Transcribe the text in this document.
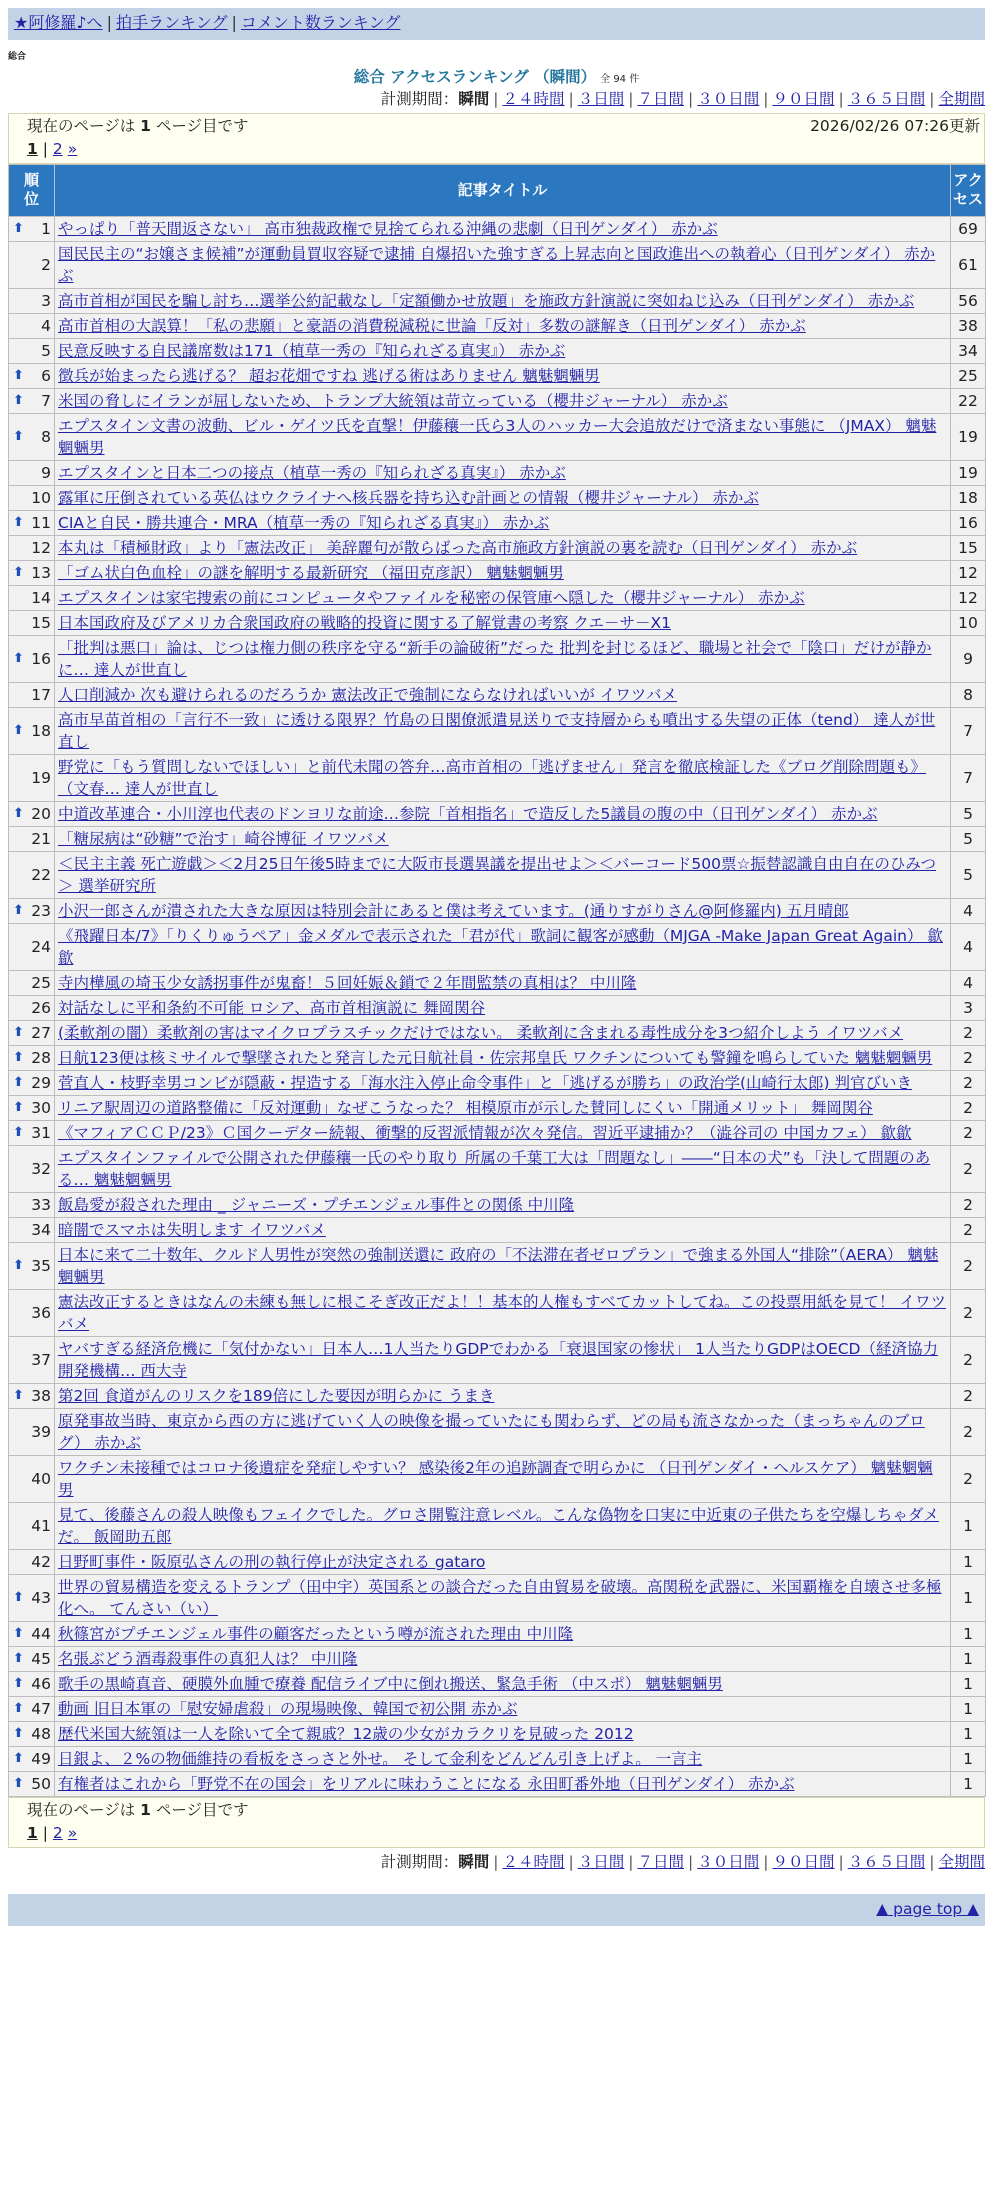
★阿修羅♪へ | 拍手ランキング | コメント数ランキング
総合
総合 アクセスランキング （瞬間） 全 94 件
計測期間：瞬間 | ２４時間 | ３日間 | ７日間 | ３０日間 | ９０日間 | ３６５日間 | 全期間
現在のページは 1 ページ目です	2026/02/26 07:26更新
1 | 2 »
順位	記事タイトル	アクセス

⬆ 1	やっぱり「普天間返さない」 高市独裁政権で見捨てられる沖縄の悲劇（日刊ゲンダイ） 赤かぶ	69
2	国民民主の“お嬢さま候補”が運動員買収容疑で逮捕 自爆招いた強すぎる上昇志向と国政進出への執着心（日刊ゲンダイ） 赤かぶ	61
3	高市首相が国民を騙し討ち…選挙公約記載なし「定額働かせ放題」を施政方針演説に突如ねじ込み（日刊ゲンダイ） 赤かぶ	56
4	高市首相の大誤算！「私の悲願」と豪語の消費税減税に世論「反対」多数の謎解き（日刊ゲンダイ） 赤かぶ	38
5	民意反映する自民議席数は171（植草一秀の『知られざる真実』） 赤かぶ	34

⬆ 6	徴兵が始まったら逃げる？ 超お花畑ですね 逃げる術はありません 魑魅魍魎男	25

⬆ 7	米国の脅しにイランが屈しないため、トランプ大統領は苛立っている（櫻井ジャーナル） 赤かぶ	22

⬆ 8	エプスタイン文書の波動、ビル・ゲイツ氏を直撃！伊藤穰一氏ら3人のハッカー大会追放だけで済まない事態に （JMAX） 魑魅魍魎男	19
9	エプスタインと日本二つの接点（植草一秀の『知られざる真実』） 赤かぶ	19
10	露軍に圧倒されている英仏はウクライナへ核兵器を持ち込む計画との情報（櫻井ジャーナル） 赤かぶ	18

⬆ 11	CIAと自民・勝共連合・MRA（植草一秀の『知られざる真実』） 赤かぶ	16
12	本丸は「積極財政」より「憲法改正」 美辞麗句が散らばった高市施政方針演説の裏を読む（日刊ゲンダイ） 赤かぶ	15

⬆ 13	「ゴム状白色血栓」の謎を解明する最新研究 （福田克彦訳） 魑魅魍魎男	12
14	エプスタインは家宅捜索の前にコンピュータやファイルを秘密の保管庫へ隠した（櫻井ジャーナル） 赤かぶ	12
15	日本国政府及びアメリカ合衆国政府の戦略的投資に関する了解覚書の考察 クエ－サ－X1	10

⬆ 16	「批判は悪口」論は、じつは権力側の秩序を守る“新手の論破術”だった 批判を封じるほど、職場と社会で「陰口」だけが静かに… 達人が世直し	9
17	人口削減か 次も避けられるのだろうか 憲法改正で強制にならなければいいが イワツバメ	8

⬆ 18	高市早苗首相の「言行不一致」に透ける限界？竹島の日閣僚派遣見送りで支持層からも噴出する失望の正体（tend） 達人が世直し	7
19	野党に「もう質問しないでほしい」と前代未聞の答弁…高市首相の「逃げません」発言を徹底検証した《ブログ削除問題も》（文春… 達人が世直し	7

⬆ 20	中道改革連合・小川淳也代表のドンヨリな前途…参院「首相指名」で造反した5議員の腹の中（日刊ゲンダイ） 赤かぶ	5
21	「糖尿病は“砂糖”で治す」崎谷博征 イワツバメ	5
22	＜民主主義 死亡遊戯＞＜2月25日午後5時までに大阪市長選異議を提出せよ＞＜バーコード500票☆振替認識自由自在のひみつ＞ 選挙研究所	5

⬆ 23	小沢一郎さんが潰された大きな原因は特別会計にあると僕は考えています。(通りすがりさん@阿修羅内) 五月晴郎	4
24	《飛躍日本/7》「りくりゅうペア」金メダルで表示された「君が代」歌詞に観客が感動（MJGA -Make Japan Great Again） 歙歙	4
25	寺内樺風の埼玉少女誘拐事件が鬼畜！５回妊娠＆鎖で２年間監禁の真相は？ 中川隆	4
26	対話なしに平和条約不可能 ロシア、高市首相演説に 舞岡関谷	3

⬆ 27	(柔軟剤の闇）柔軟剤の害はマイクロプラスチックだけではない。 柔軟剤に含まれる毒性成分を3つ紹介しよう イワツバメ	2

⬆ 28	日航123便は核ミサイルで撃墜されたと発言した元日航社員・佐宗邦皇氏 ワクチンについても警鐘を鳴らしていた 魑魅魍魎男	2

⬆ 29	菅直人・枝野幸男コンビが隠蔽・捏造する「海水注入停止命令事件」と「逃げるが勝ち」の政治学(山崎行太郎) 判官びいき	2

⬆ 30	リニア駅周辺の道路整備に「反対運動」なぜこうなった？ 相模原市が示した賛同しにくい「開通メリット」 舞岡関谷	2

⬆ 31	《マフィアＣＣＰ/23》Ｃ国クーデター続報、衝撃的反習派情報が次々発信。習近平逮捕か？（澁谷司の 中国カフェ） 歙歙	2
32	エプスタインファイルで公開された伊藤穰一氏のやり取り 所属の千葉工大は「問題なし」――“日本の犬”も「決して問題のある… 魑魅魍魎男	2
33	飯島愛が殺された理由 _ ジャニーズ・プチエンジェル事件との関係 中川隆	2
34	暗闇でスマホは失明します イワツバメ	2

⬆ 35	日本に来て二十数年、クルド人男性が突然の強制送還に 政府の「不法滞在者ゼロプラン」で強まる外国人“排除”（AERA） 魑魅魍魎男	2
36	憲法改正するときはなんの未練も無しに根こそぎ改正だよ！！基本的人権もすべてカットしてね。この投票用紙を見て！ イワツバメ	2
37	ヤバすぎる経済危機に「気付かない」日本人…1人当たりGDPでわかる「衰退国家の惨状」 1人当たりGDPはOECD（経済協力開発機構… 西大寺	2

⬆ 38	第2回 食道がんのリスクを189倍にした要因が明らかに うまき	2
39	原発事故当時、東京から西の方に逃げていく人の映像を撮っていたにも関わらず、どの局も流さなかった（まっちゃんのブログ） 赤かぶ	2
40	ワクチン未接種ではコロナ後遺症を発症しやすい？ 感染後2年の追跡調査で明らかに （日刊ゲンダイ・ヘルスケア） 魑魅魍魎男	2
41	見て、後藤さんの殺人映像もフェイクでした。グロさ開覧注意レベル。こんな偽物を口実に中近東の子供たちを空爆しちゃダメだ。 飯岡助五郎	1
42	日野町事件・阪原弘さんの刑の執行停止が決定される gataro	1

⬆ 43	世界の貿易構造を変えるトランプ（田中宇）英国系との談合だった自由貿易を破壊。高関税を武器に、米国覇権を自壊させ多極化へ。 てんさい（い）	1

⬆ 44	秋篠宮がプチエンジェル事件の顧客だったという噂が流された理由 中川隆	1

⬆ 45	名張ぶどう酒毒殺事件の真犯人は？ 中川隆	1

⬆ 46	歌手の黒崎真音、硬膜外血腫で療養 配信ライブ中に倒れ搬送、緊急手術 （中スポ） 魑魅魍魎男	1

⬆ 47	動画 旧日本軍の「慰安婦虐殺」の現場映像、韓国で初公開 赤かぶ	1

⬆ 48	歴代米国大統領は一人を除いて全て親戚？12歳の少女がカラクリを見破った 2012	1

⬆ 49	日銀よ、２%の物価維持の看板をさっさと外せ。 そして金利をどんどん引き上げよ。 一言主	1

⬆ 50	有権者はこれから「野党不在の国会」をリアルに味わうことになる 永田町番外地（日刊ゲンダイ） 赤かぶ	1
現在のページは 1 ページ目です
1 | 2 »
計測期間：瞬間 | ２４時間 | ３日間 | ７日間 | ３０日間 | ９０日間 | ３６５日間 | 全期間
▲ page top ▲
